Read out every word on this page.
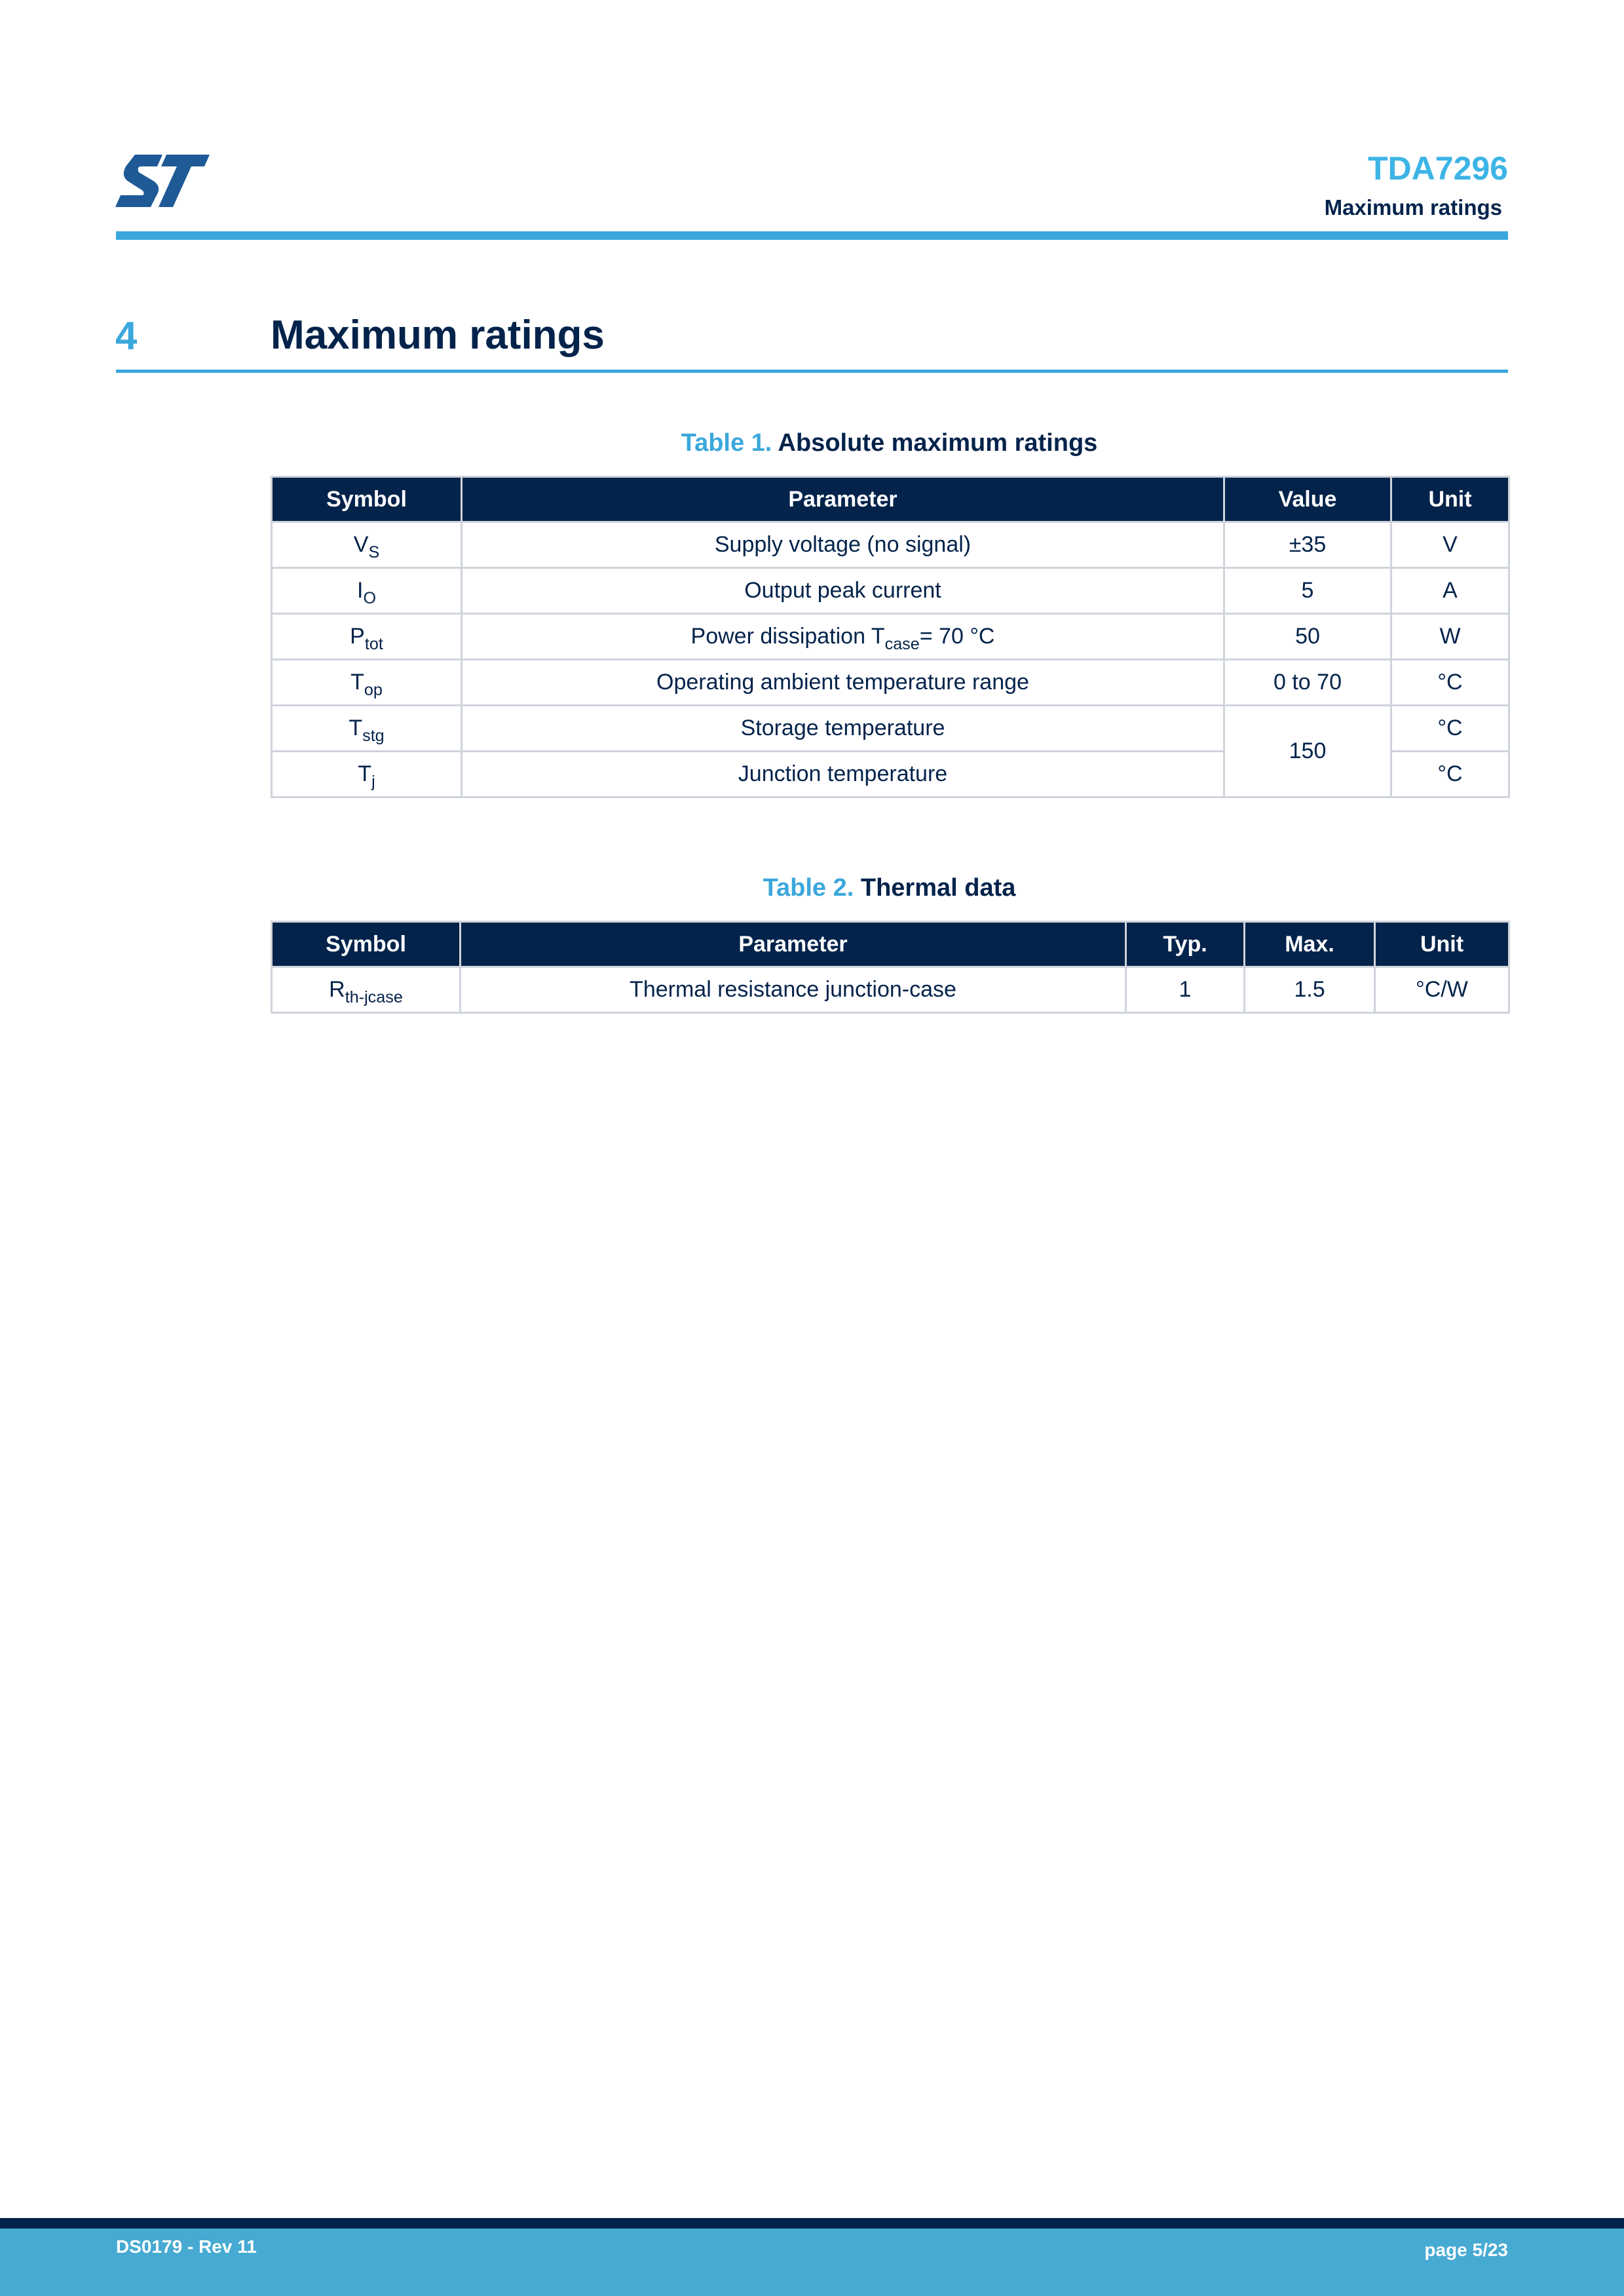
TDA7296
Maximum ratings
4	Maximum ratings
Table 1. Absolute maximum ratings
Symbol	Parameter	Value	Unit
$V_S$	Supply voltage (no signal)	±35	V
$I_O$	Output peak current	5	A
$P_{tot}$	Power dissipation $T_{case}= 70$ °C	50	W
$T_{op}$	Operating ambient temperature range	0 to 70	°C
$T_{stg}$	Storage temperature	150	°C
$T_j$	Junction temperature		°C
Table 2. Thermal data
Symbol	Parameter	Typ.	Max.	Unit
$R_{th-jcase}$	Thermal resistance junction-case	1	1.5	°C/W
DS0179 - Rev 11	page 5/23
